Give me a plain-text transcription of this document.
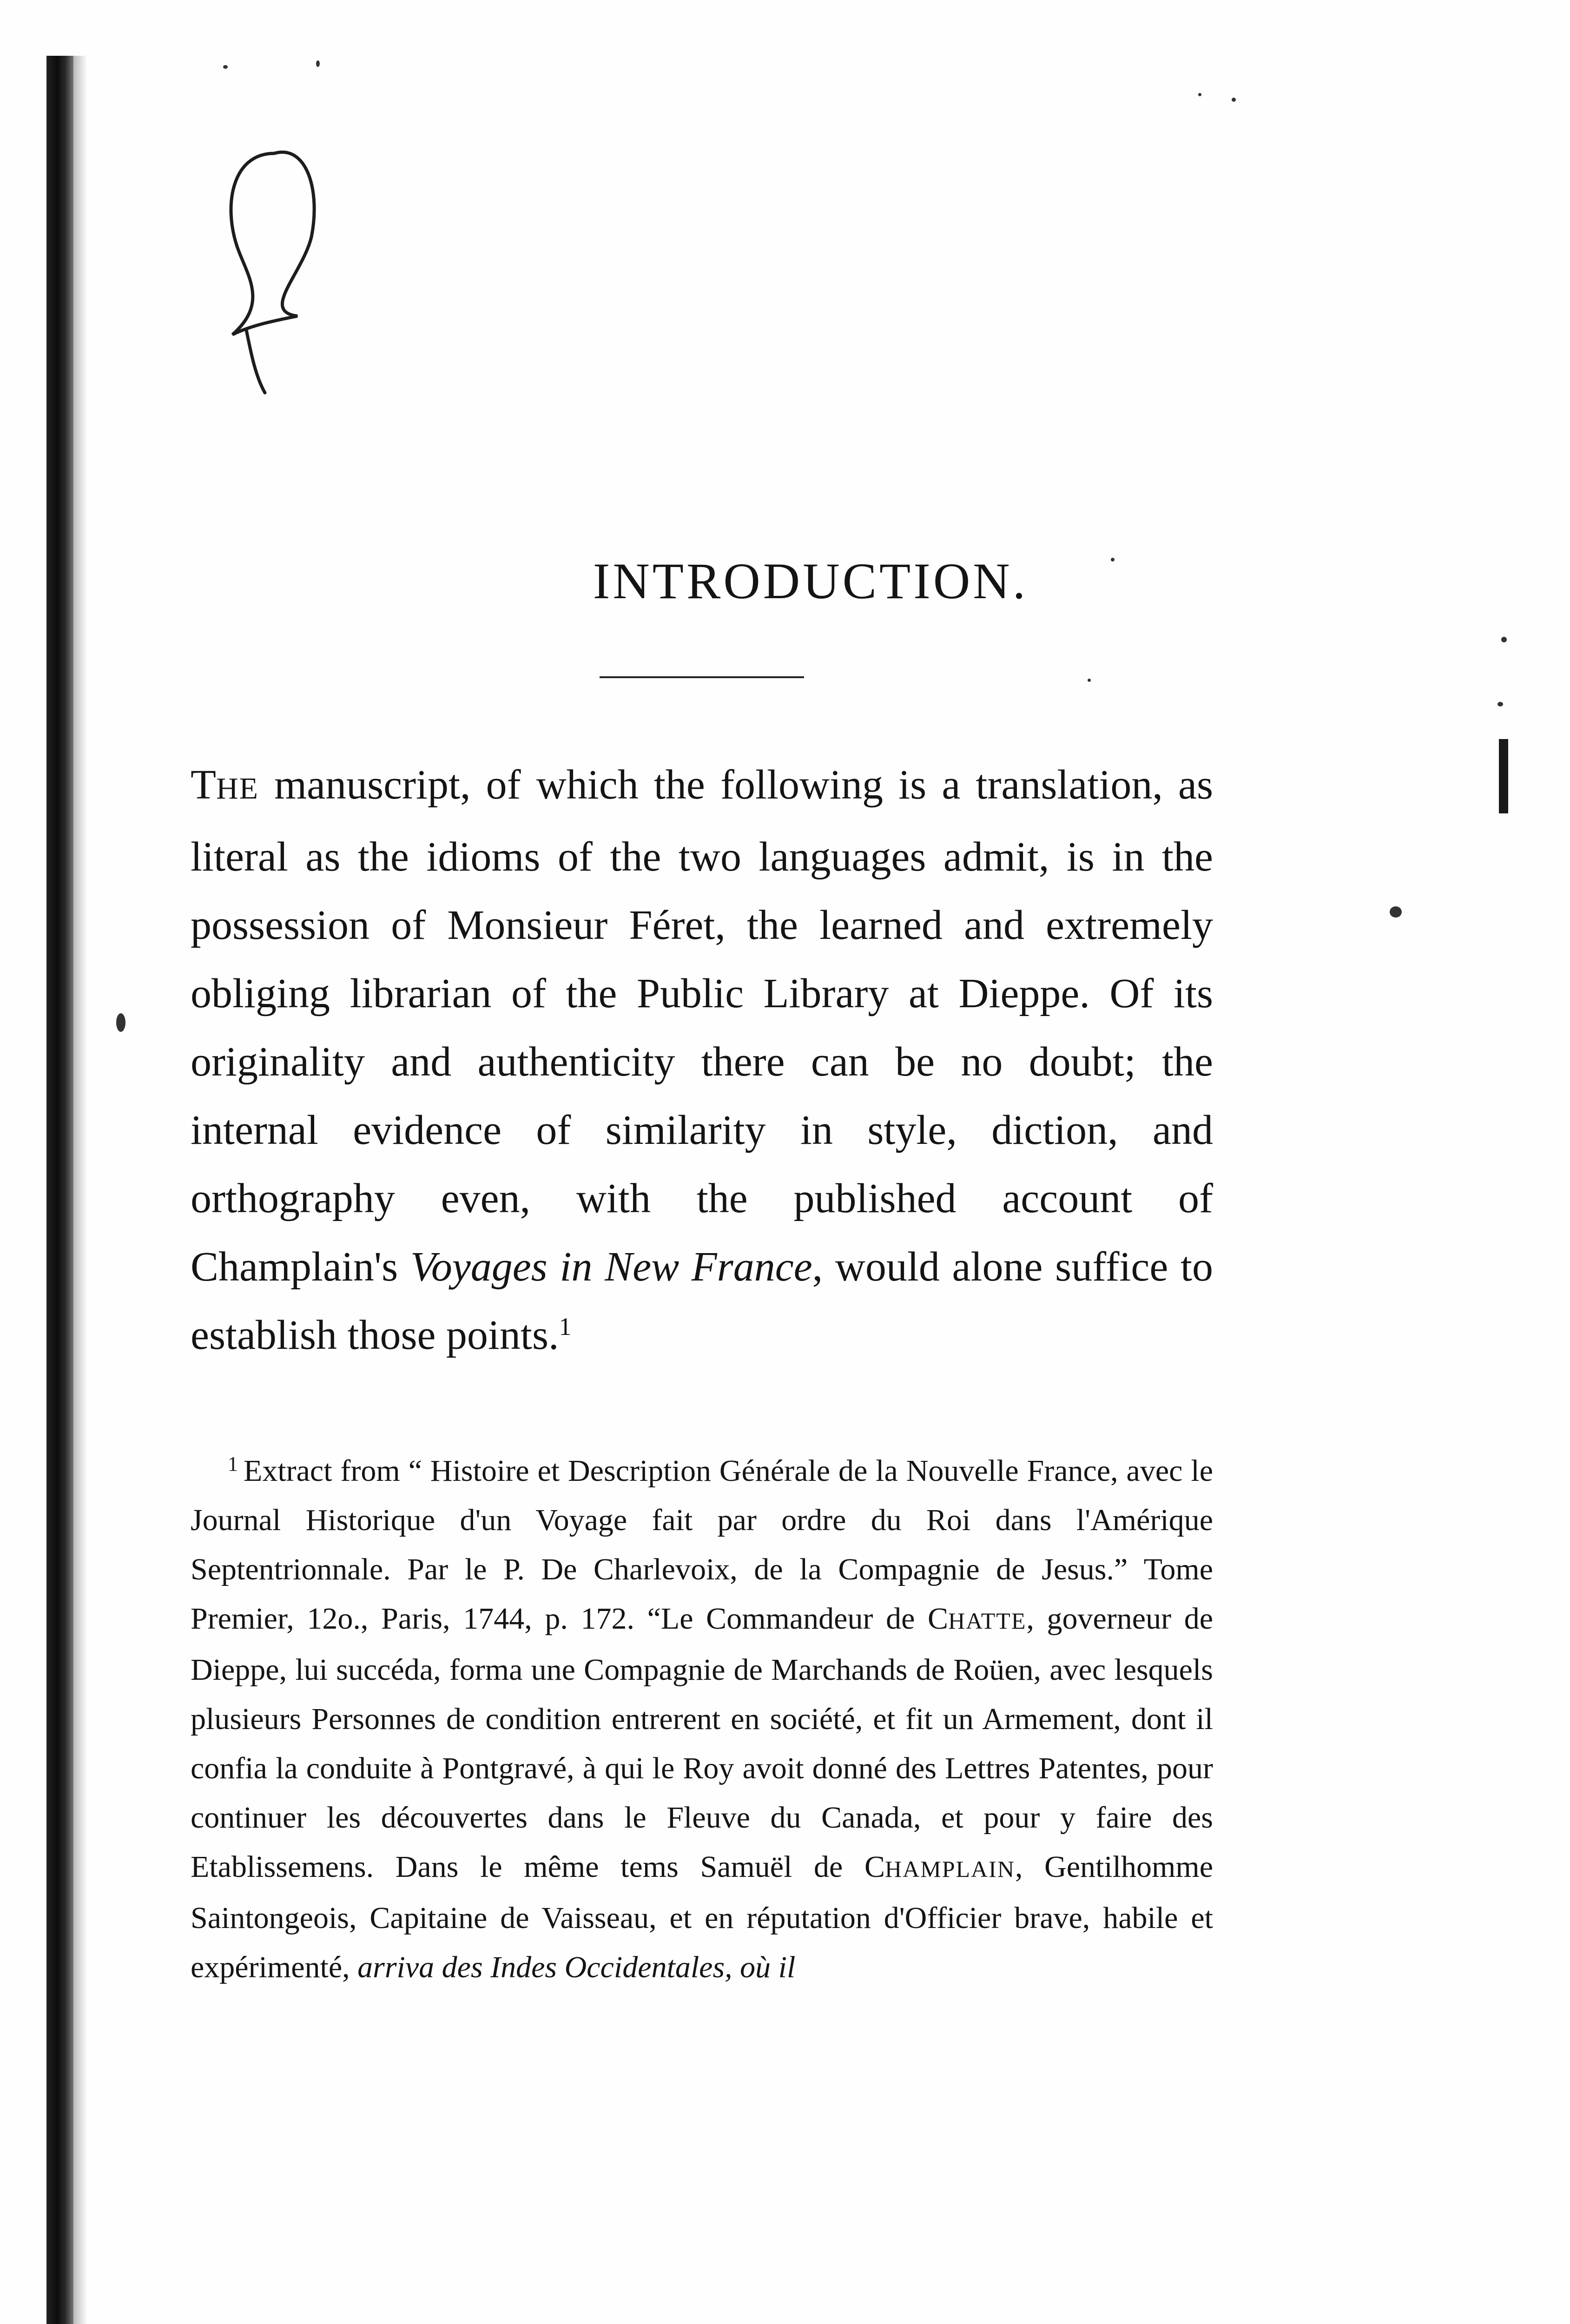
INTRODUCTION.

THE manuscript, of which the following is a translation, as literal as the idioms of the two languages admit, is in the possession of Monsieur Féret, the learned and extremely obliging librarian of the Public Library at Dieppe. Of its originality and authenticity there can be no doubt; the internal evidence of similarity in style, diction, and orthography even, with the published account of Champlain's Voyages in New France, would alone suffice to establish those points.$^1$

$^1$ Extract from “ Histoire et Description Générale de la Nouvelle France, avec le Journal Historique d'un Voyage fait par ordre du Roi dans l'Amérique Septentrionnale. Par le P. De Charlevoix, de la Compagnie de Jesus.” Tome Premier, 12o., Paris, 1744, p. 172. “Le Commandeur de CHATTE, governeur de Dieppe, lui succéda, forma une Compagnie de Marchands de Roüen, avec lesquels plusieurs Personnes de condition entrerent en société, et fit un Armement, dont il confia la conduite à Pontgravé, à qui le Roy avoit donné des Lettres Patentes, pour continuer les découvertes dans le Fleuve du Canada, et pour y faire des Etablissemens. Dans le même tems Samuël de CHAMPLAIN, Gentilhomme Saintongeois, Capitaine de Vaisseau, et en réputation d'Officier brave, habile et expérimenté, arriva des Indes Occidentales, où il
